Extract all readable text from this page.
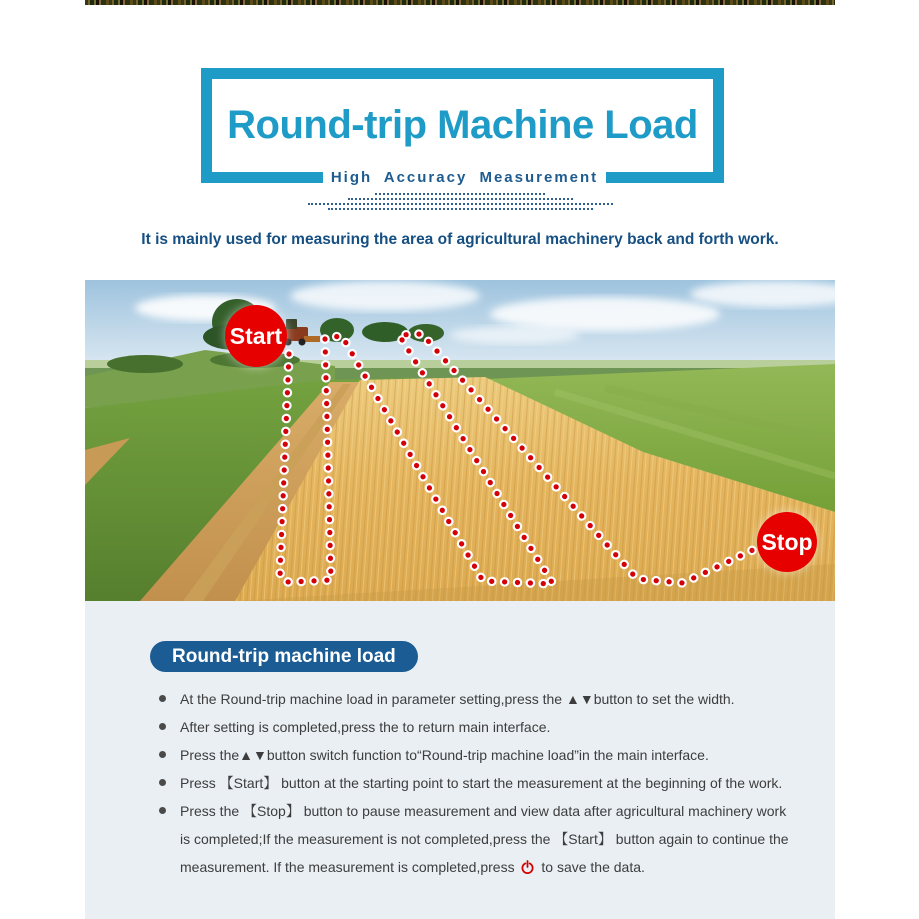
Round-trip Machine Load
High Accuracy Measurement
It is mainly used for measuring the area of agricultural machinery back and forth work.
Start
Stop
Round-trip machine load
At the Round-trip machine load in parameter setting,press the ▲▼button to set the width.
After setting is completed,press the to return main interface.
Press the▲▼button switch function to“Round-trip machine load”in the main interface.
Press 【Start】 button at the starting point to start the measurement at the beginning of the work.
Press the 【Stop】 button to pause measurement and view data after agricultural machinery work is completed;If the measurement is not completed,press the 【Start】 button again to continue the measurement. If the measurement is completed,press  to save the data.
